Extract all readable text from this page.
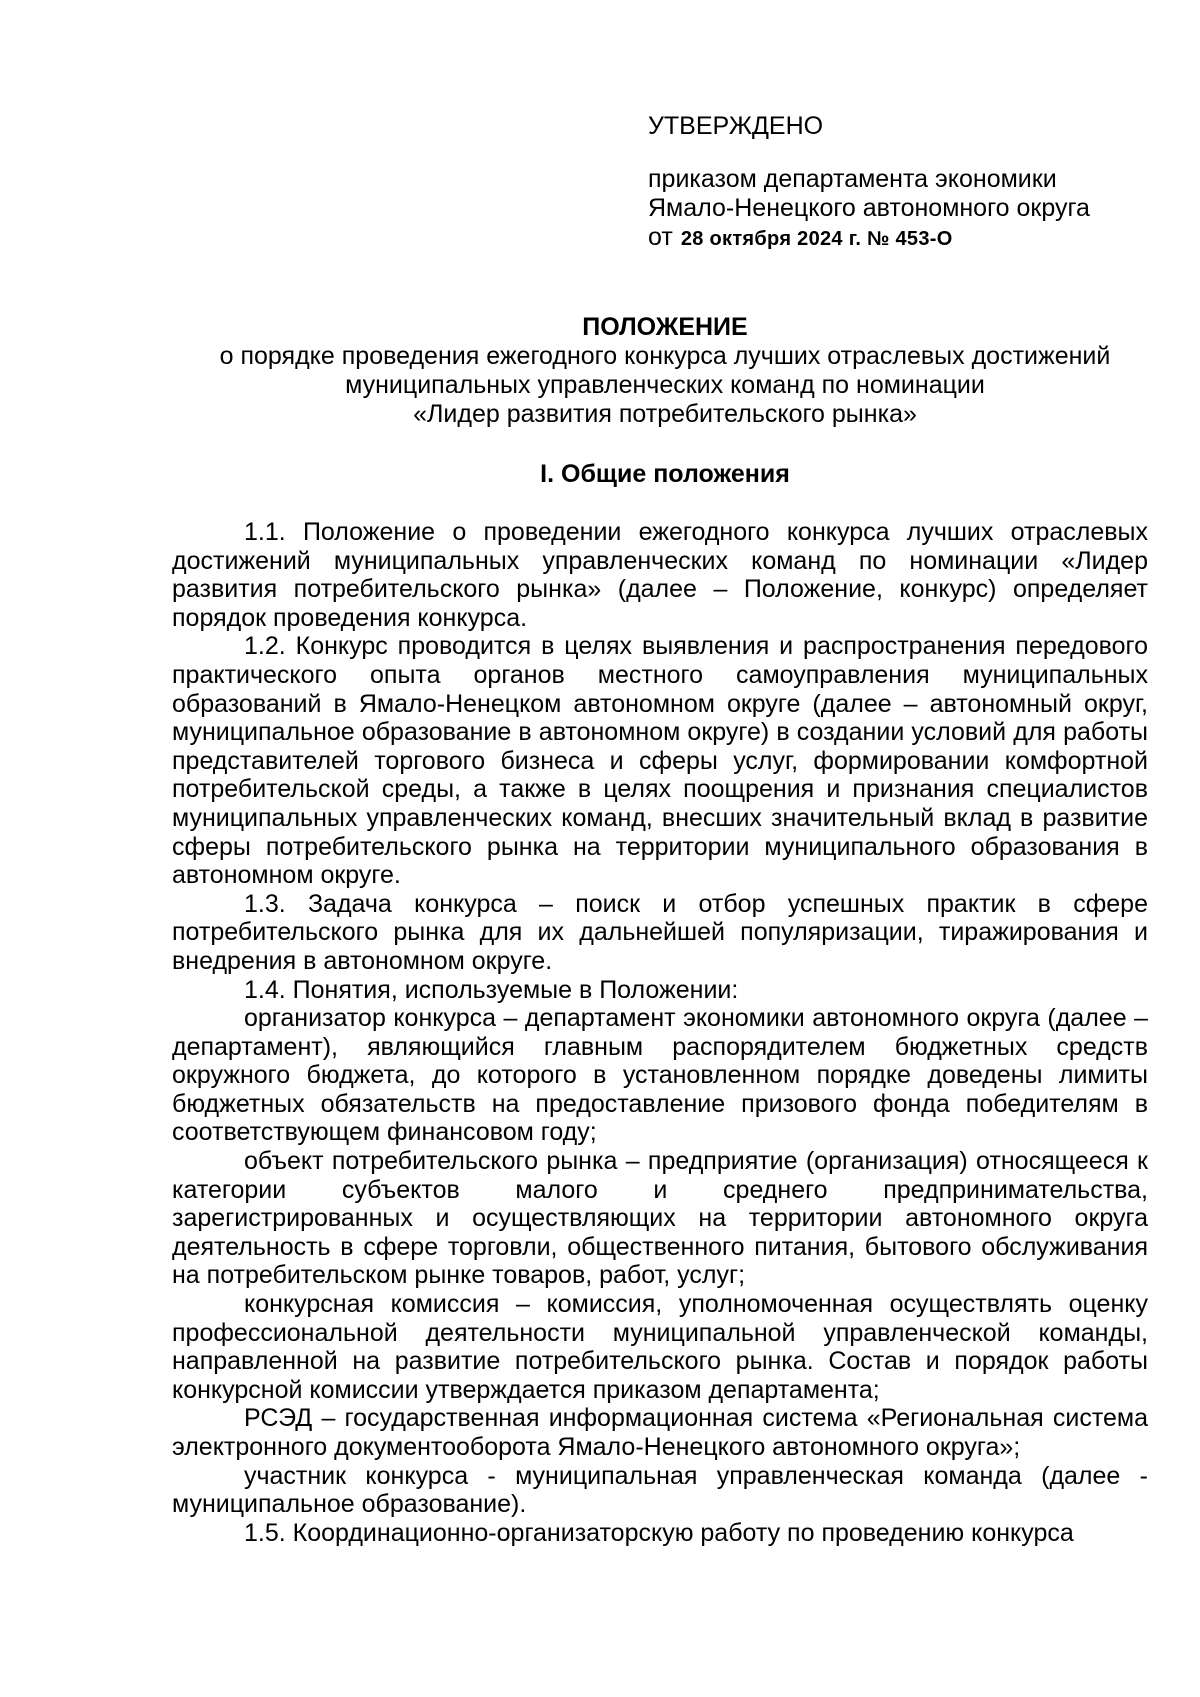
УТВЕРЖДЕНО
приказом департамента экономики
Ямало-Ненецкого автономного округа
от 28 октября 2024 г. № 453-О
ПОЛОЖЕНИЕ
о порядке проведения ежегодного конкурса лучших отраслевых достижений
муниципальных управленческих команд по номинации
«Лидер развития потребительского рынка»
I. Общие положения

1.1. Положение о проведении ежегодного конкурса лучших отраслевых достижений муниципальных управленческих команд по номинации «Лидер развития потребительского рынка» (далее – Положение, конкурс) определяет порядок проведения конкурса.

1.2. Конкурс проводится в целях выявления и распространения передового практического опыта органов местного самоуправления муниципальных образований в Ямало-Ненецком автономном округе (далее – автономный округ, муниципальное образование в автономном округе) в создании условий для работы представителей торгового бизнеса и сферы услуг, формировании комфортной потребительской среды, а также в целях поощрения и признания специалистов муниципальных управленческих команд, внесших значительный вклад в развитие сферы потребительского рынка на территории муниципального образования в автономном округе.

1.3. Задача конкурса – поиск и отбор успешных практик в сфере потребительского рынка для их дальнейшей популяризации, тиражирования и внедрения в автономном округе.

1.4. Понятия, используемые в Положении:

организатор конкурса – департамент экономики автономного округа (далее – департамент), являющийся главным распорядителем бюджетных средств окружного бюджета, до которого в установленном порядке доведены лимиты бюджетных обязательств на предоставление призового фонда победителям в соответствующем финансовом году;

объект потребительского рынка – предприятие (организация) относящееся к категории субъектов малого и среднего предпринимательства, зарегистрированных и осуществляющих на территории автономного округа деятельность в сфере торговли, общественного питания, бытового обслуживания на потребительском рынке товаров, работ, услуг;

конкурсная комиссия – комиссия, уполномоченная осуществлять оценку профессиональной деятельности муниципальной управленческой команды, направленной на развитие потребительского рынка. Состав и порядок работы конкурсной комиссии утверждается приказом департамента;

РСЭД – государственная информационная система «Региональная система электронного документооборота Ямало-Ненецкого автономного округа»;

участник конкурса - муниципальная управленческая команда (далее - муниципальное образование).

1.5. Координационно-организаторскую работу по проведению конкурса
